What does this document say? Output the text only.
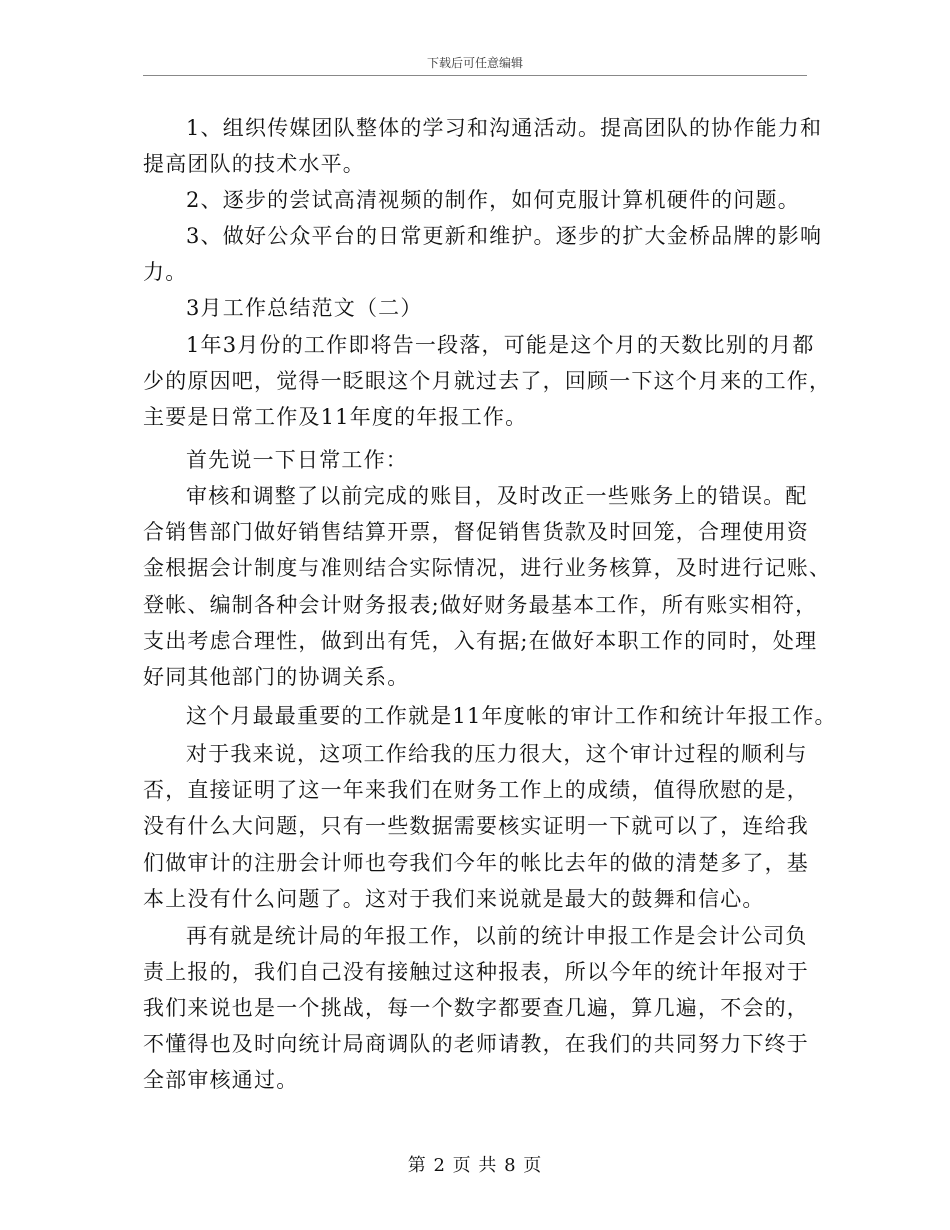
下载后可任意编辑
1、组织传媒团队整体的学习和沟通活动。提高团队的协作能力和
提高团队的技术水平。
2、逐步的尝试高清视频的制作，如何克服计算机硬件的问题。
3、做好公众平台的日常更新和维护。逐步的扩大金桥品牌的影响
力。
3月工作总结范文（二）
1年3月份的工作即将告一段落，可能是这个月的天数比别的月都
少的原因吧，觉得一眨眼这个月就过去了，回顾一下这个月来的工作，
主要是日常工作及11年度的年报工作。
首先说一下日常工作：
审核和调整了以前完成的账目，及时改正一些账务上的错误。配
合销售部门做好销售结算开票，督促销售货款及时回笼，合理使用资
金根据会计制度与准则结合实际情况，进行业务核算，及时进行记账、
登帐、编制各种会计财务报表;做好财务最基本工作，所有账实相符，
支出考虑合理性，做到出有凭，入有据;在做好本职工作的同时，处理
好同其他部门的协调关系。
这个月最最重要的工作就是11年度帐的审计工作和统计年报工作。
对于我来说，这项工作给我的压力很大，这个审计过程的顺利与
否，直接证明了这一年来我们在财务工作上的成绩，值得欣慰的是，
没有什么大问题，只有一些数据需要核实证明一下就可以了，连给我
们做审计的注册会计师也夸我们今年的帐比去年的做的清楚多了，基
本上没有什么问题了。这对于我们来说就是最大的鼓舞和信心。
再有就是统计局的年报工作，以前的统计申报工作是会计公司负
责上报的，我们自己没有接触过这种报表，所以今年的统计年报对于
我们来说也是一个挑战，每一个数字都要查几遍，算几遍，不会的，
不懂得也及时向统计局商调队的老师请教，在我们的共同努力下终于
全部审核通过。
第 2 页 共 8 页
